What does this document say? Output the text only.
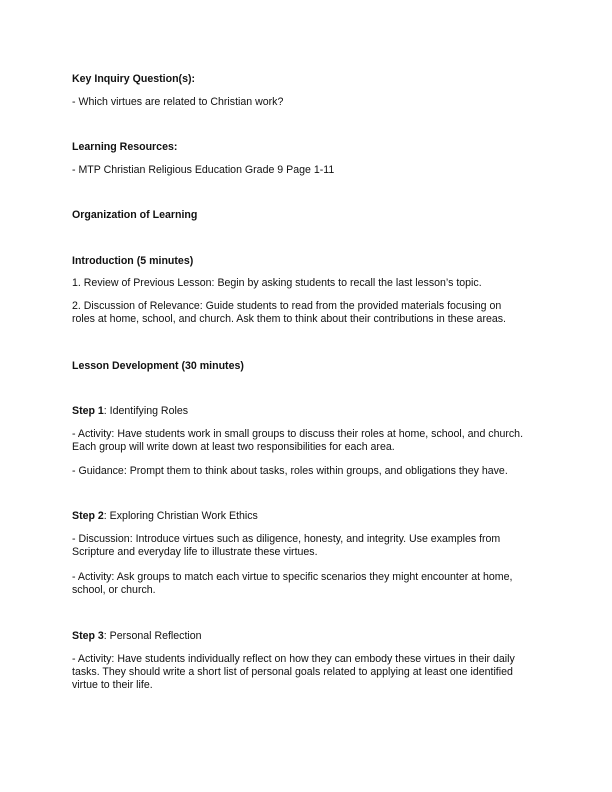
Key Inquiry Question(s):
- Which virtues are related to Christian work?
Learning Resources:
- MTP Christian Religious Education Grade 9 Page 1-11
Organization of Learning
Introduction (5 minutes)
1. Review of Previous Lesson: Begin by asking students to recall the last lesson’s topic.
2. Discussion of Relevance: Guide students to read from the provided materials focusing on
roles at home, school, and church. Ask them to think about their contributions in these areas.
Lesson Development (30 minutes)
Step 1: Identifying Roles
- Activity: Have students work in small groups to discuss their roles at home, school, and church.
Each group will write down at least two responsibilities for each area.
- Guidance: Prompt them to think about tasks, roles within groups, and obligations they have.
Step 2: Exploring Christian Work Ethics
- Discussion: Introduce virtues such as diligence, honesty, and integrity. Use examples from
Scripture and everyday life to illustrate these virtues.
- Activity: Ask groups to match each virtue to specific scenarios they might encounter at home,
school, or church.
Step 3: Personal Reflection
- Activity: Have students individually reflect on how they can embody these virtues in their daily
tasks. They should write a short list of personal goals related to applying at least one identified
virtue to their life.
